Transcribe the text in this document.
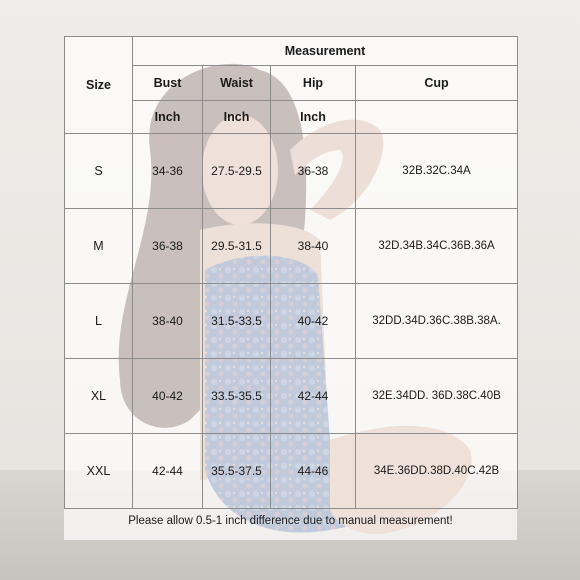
Size	Measurement			
	Bust	Waist	Hip	Cup
	Inch	Inch	Inch	
S	34-36	27.5-29.5	36-38	32B.32C.34A
M	36-38	29.5-31.5	38-40	32D.34B.34C.36B.36A
L	38-40	31.5-33.5	40-42	32DD.34D.36C.38B.38A.
XL	40-42	33.5-35.5	42-44	32E.34DD. 36D.38C.40B
XXL	42-44	35.5-37.5	44-46	34E.36DD.38D.40C.42B
Please allow 0.5-1 inch difference due to manual measurement!
